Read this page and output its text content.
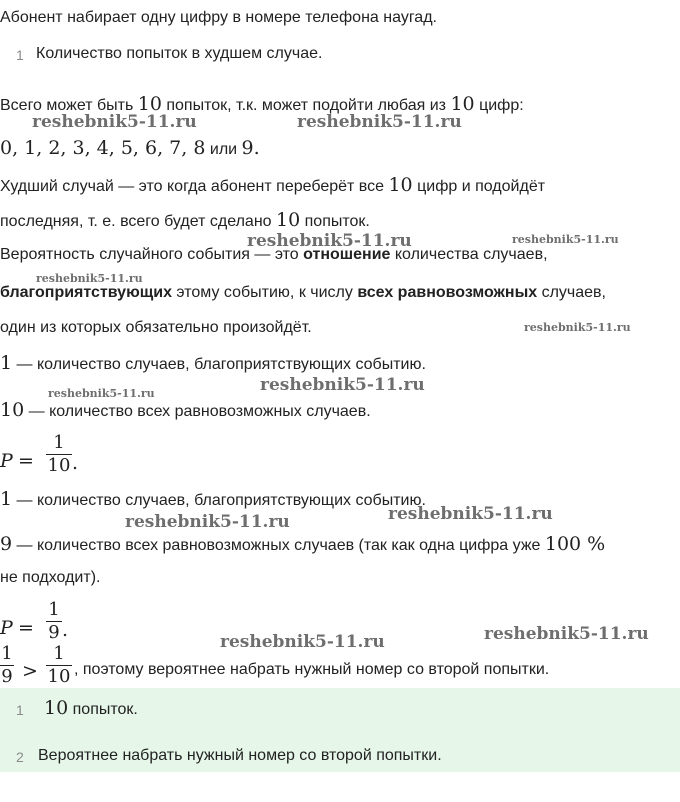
Абонент набирает одну цифру в номере телефона наугад.
1 Количество попыток в худшем случае.
Всего может быть 10 попыток, т.к. может подойти любая из 10 цифр:
0, 1, 2, 3, 4, 5, 6, 7, 8 или 9.
Худший случай — это когда абонент переберёт все 10 цифр и подойдёт
последняя, т. е. всего будет сделано 10 попыток.
Вероятность случайного события — это отношение количества случаев,
благоприятствующих этому событию, к числу всех равновозможных случаев,
один из которых обязательно произойдёт.
1 — количество случаев, благоприятствующих событию.
10 — количество всех равновозможных случаев.
P =
1
10 .
1 — количество случаев, благоприятствующих событию.
9 — количество всех равновозможных случаев (так как одна цифра уже 100 %
не подходит).
P =
1
9 .
1
9 >
1
10 , поэтому вероятнее набрать нужный номер со второй попытки.
1 10 попыток.
2 Вероятнее набрать нужный номер со второй попытки.
reshebnik5-11.ru	reshebnik5-11.ru
reshebnik5-11.ru	reshebnik5-11.ru
reshebnik5-11.ru
reshebnik5-11.ru
reshebnik5-11.ru	reshebnik5-11.ru
reshebnik5-11.ru	reshebnik5-11.ru
reshebnik5-11.ru	reshebnik5-11.ru
